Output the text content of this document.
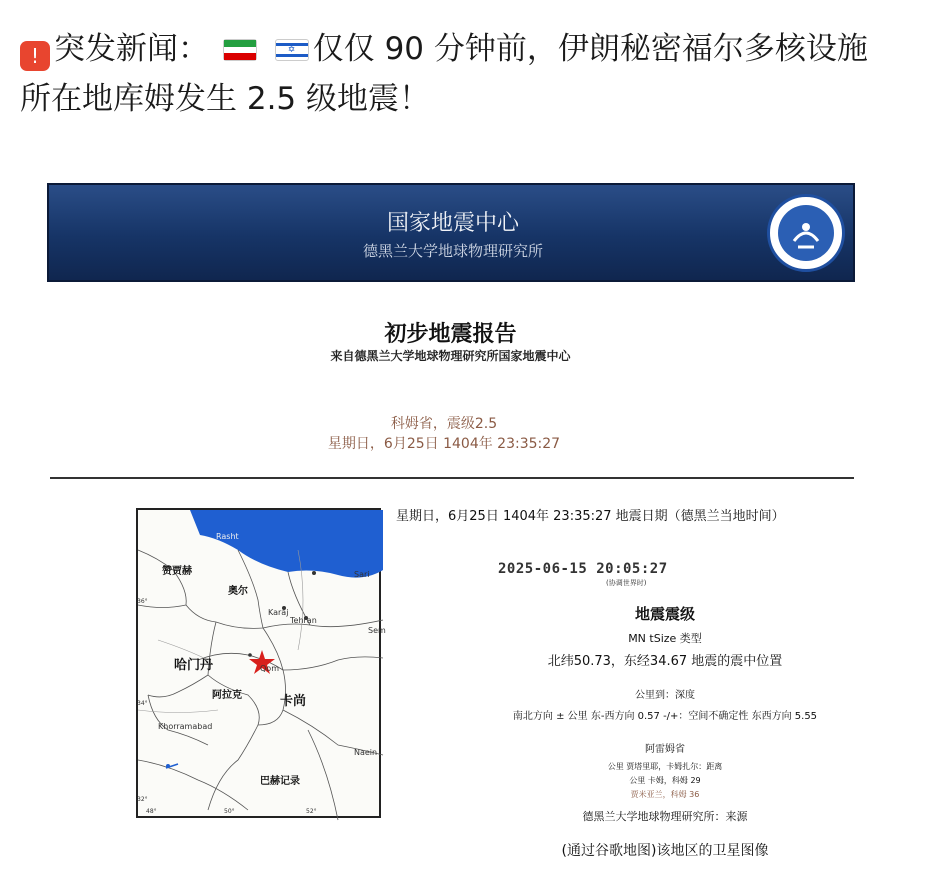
! 突发新闻：
	✡ 仅仅 90 分钟前，伊朗秘密福尔多核设施所在地库姆发生 2.5 级地震！
国家地震中心
德黑兰大学地球物理研究所
初步地震报告
来自德黑兰大学地球物理研究所国家地震中心
科姆省，震级2.5
星期日，6月25日 1404年 23:35:27
赞贾赫
奥尔
哈门丹
阿拉克	卡尚
巴赫记录
Rasht
Sari
Karaj
Tehran
Sem
Qom
Khorramabad
Naein
36°
34°
32°
48°	50°	52°
星期日，6月25日 1404年 23:35:27 地震日期（德黑兰当地时间）
2025-06-15 20:05:27
(协调世界时)
地震震级
MN tSize 类型
北纬50.73，东经34.67 地震的震中位置
公里到：深度
南北方向 ± 公里 东-西方向 0.57 -/+：空间不确定性 东西方向 5.55
阿雷姆省
公里 贾塔里耶，卡姆扎尔：距离
公里 卡姆，科姆 29
贾米亚兰，科姆 36
德黑兰大学地球物理研究所：来源
(通过谷歌地图)该地区的卫星图像
